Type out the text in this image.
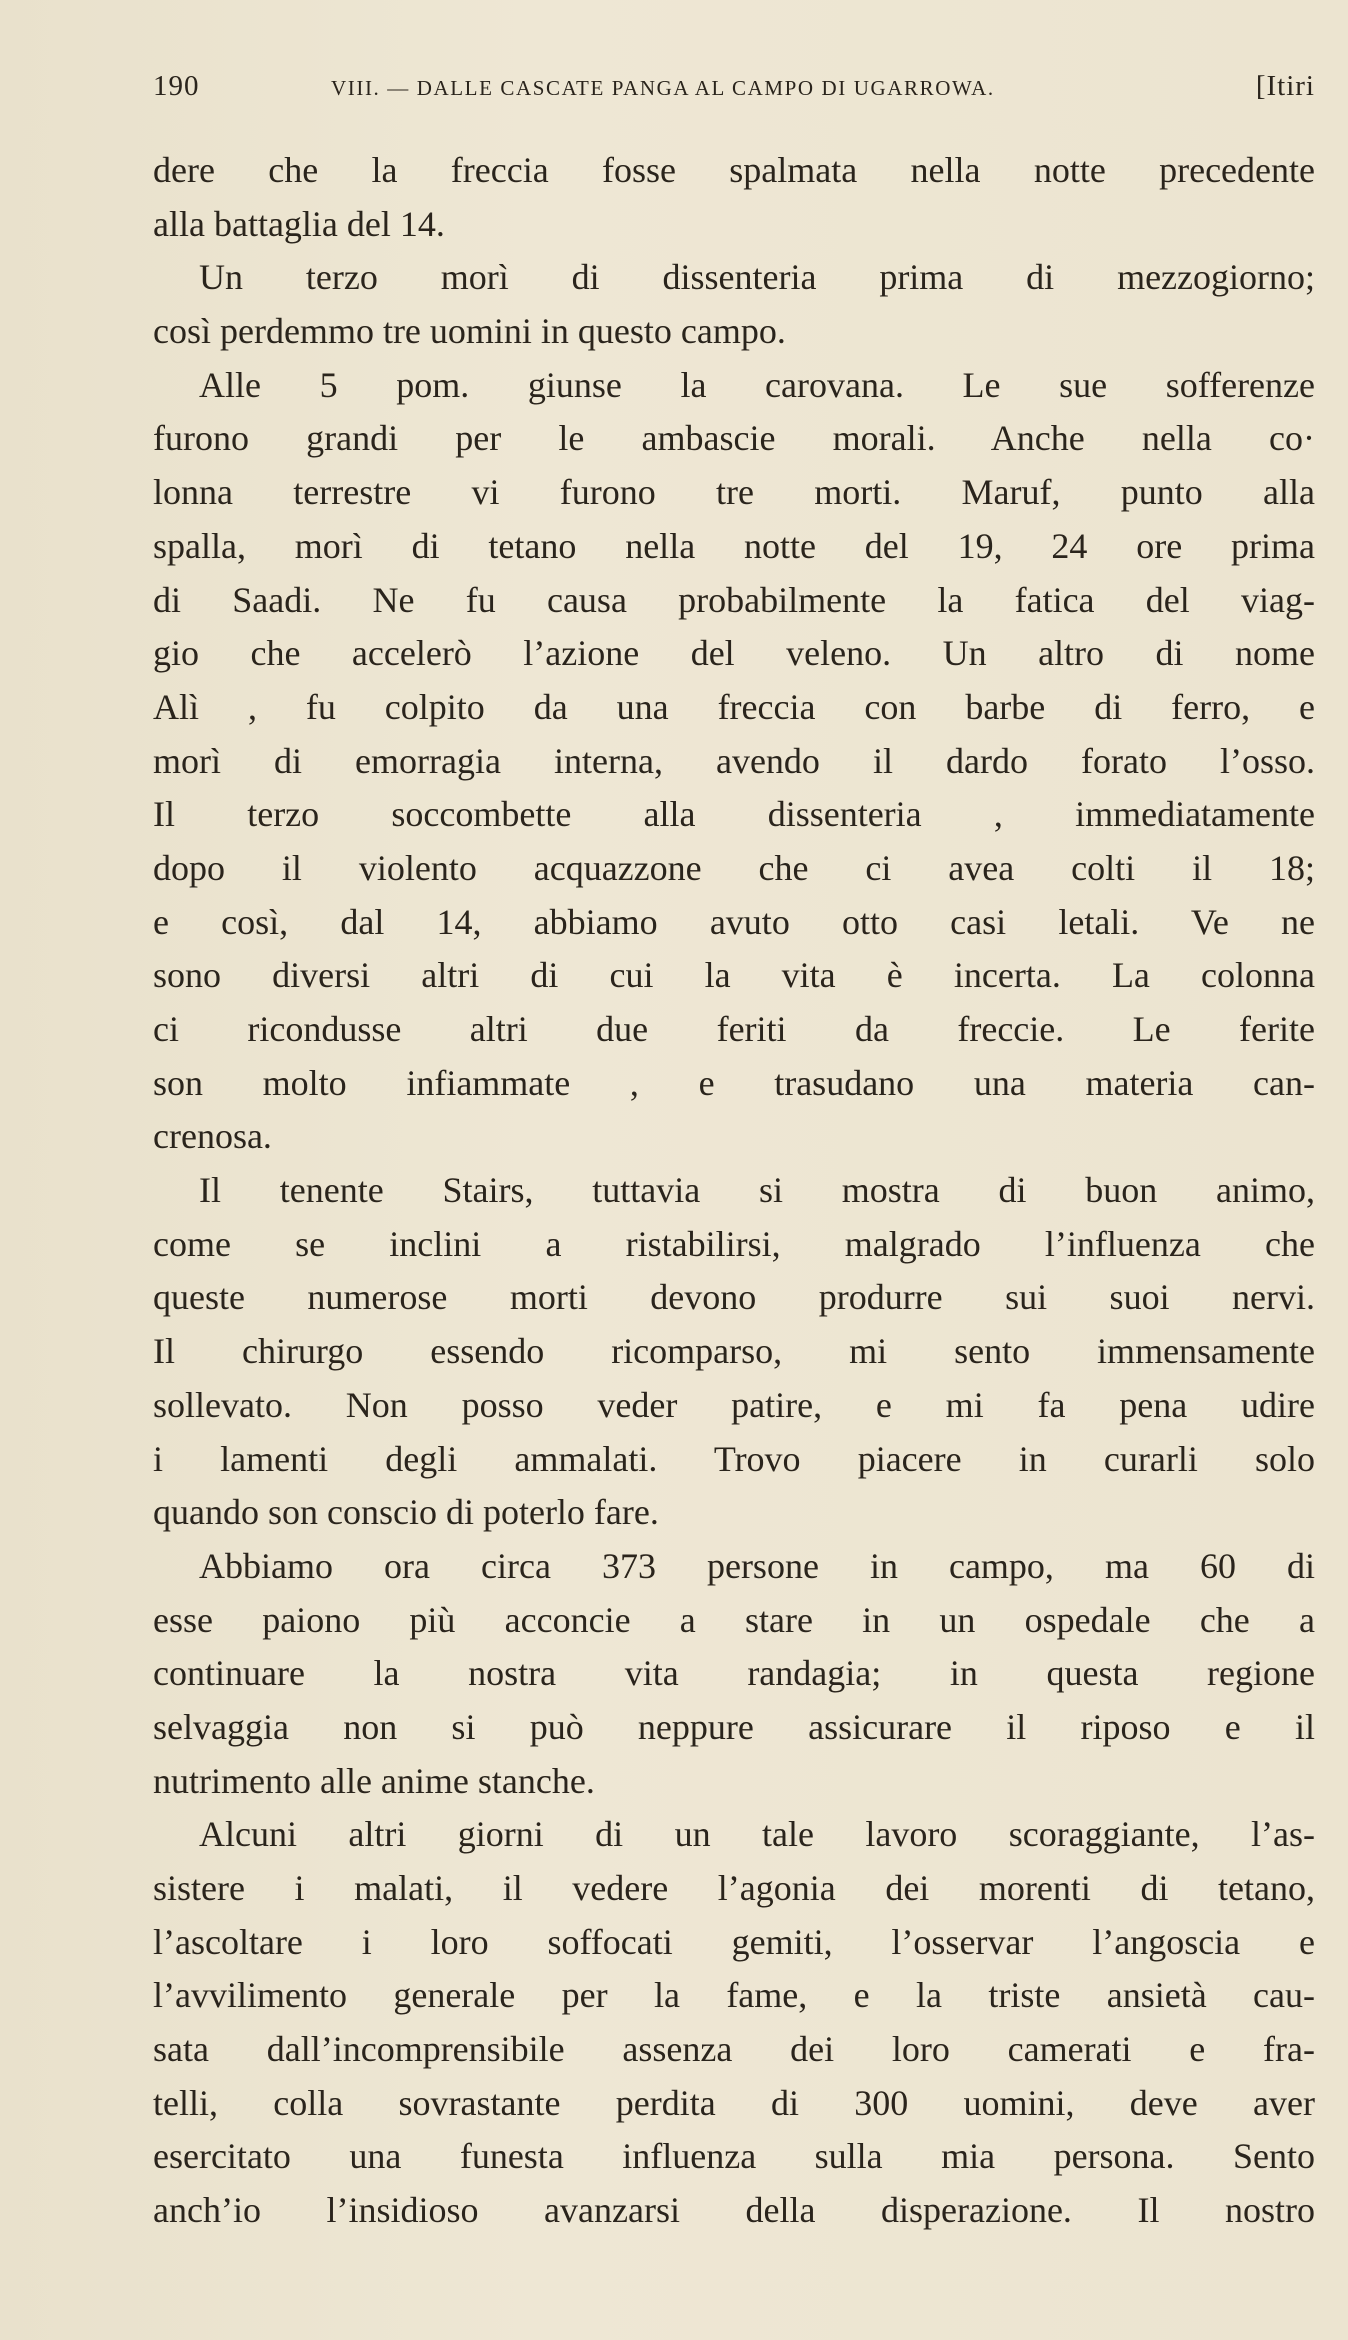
190	VIII. — DALLE CASCATE PANGA AL CAMPO DI UGARROWA.	[Itiri
dere che la freccia fosse spalmata nella notte precedente
alla battaglia del 14.
Un terzo morì di dissenteria prima di mezzogiorno;
così perdemmo tre uomini in questo campo.
Alle 5 pom. giunse la carovana. Le sue sofferenze
furono grandi per le ambascie morali. Anche nella co·
lonna terrestre vi furono tre morti. Maruf, punto alla
spalla, morì di tetano nella notte del 19, 24 ore prima
di Saadi. Ne fu causa probabilmente la fatica del viag-
gio che accelerò l’azione del veleno. Un altro di nome
Alì , fu colpito da una freccia con barbe di ferro, e
morì di emorragia interna, avendo il dardo forato l’osso.
Il terzo soccombette alla dissenteria , immediatamente
dopo il violento acquazzone che ci avea colti il 18;
e così, dal 14, abbiamo avuto otto casi letali. Ve ne
sono diversi altri di cui la vita è incerta. La colonna
ci ricondusse altri due feriti da freccie. Le ferite
son molto infiammate , e trasudano una materia can-
crenosa.
Il tenente Stairs, tuttavia si mostra di buon animo,
come se inclini a ristabilirsi, malgrado l’influenza che
queste numerose morti devono produrre sui suoi nervi.
Il chirurgo essendo ricomparso, mi sento immensamente
sollevato. Non posso veder patire, e mi fa pena udire
i lamenti degli ammalati. Trovo piacere in curarli solo
quando son conscio di poterlo fare.
Abbiamo ora circa 373 persone in campo, ma 60 di
esse paiono più acconcie a stare in un ospedale che a
continuare la nostra vita randagia; in questa regione
selvaggia non si può neppure assicurare il riposo e il
nutrimento alle anime stanche.
Alcuni altri giorni di un tale lavoro scoraggiante, l’as-
sistere i malati, il vedere l’agonia dei morenti di tetano,
l’ascoltare i loro soffocati gemiti, l’osservar l’angoscia e
l’avvilimento generale per la fame, e la triste ansietà cau-
sata dall’incomprensibile assenza dei loro camerati e fra-
telli, colla sovrastante perdita di 300 uomini, deve aver
esercitato una funesta influenza sulla mia persona. Sento
anch’io l’insidioso avanzarsi della disperazione. Il nostro
